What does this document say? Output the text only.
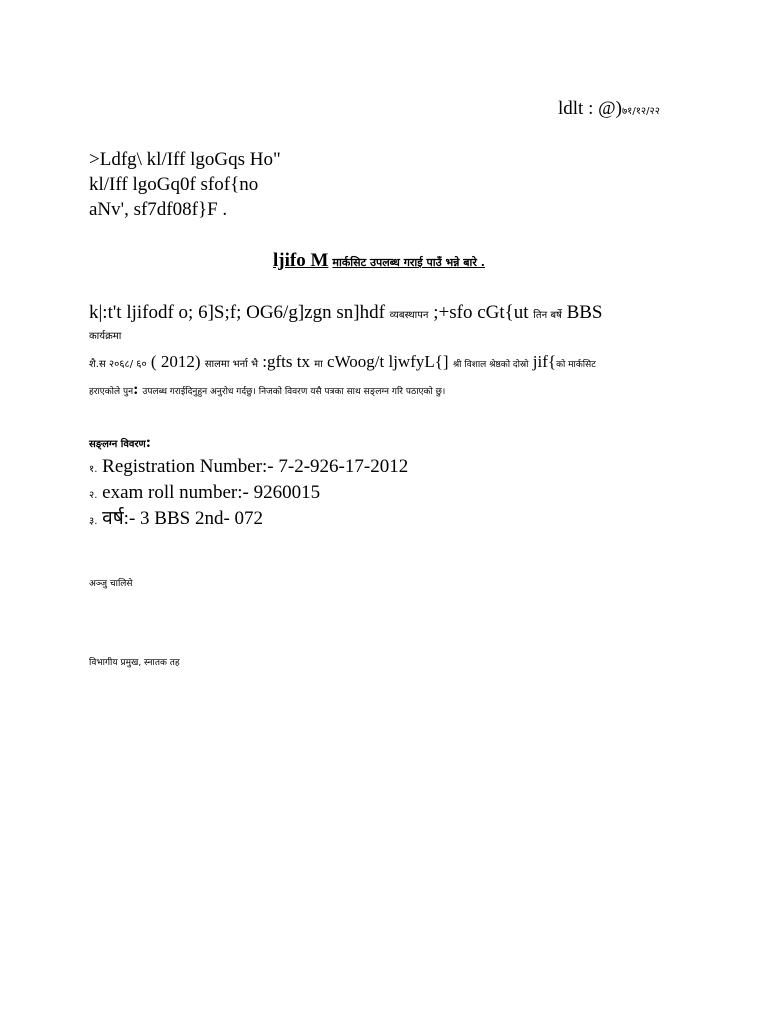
ldlt : @)७१/१२/२२
>Ldfg\ kl/Iff lgoGqs Ho"
kl/Iff lgoGq0f sfof{no
aNv', sf7df08f}F .
ljifo M मार्कसिट उपलब्ध गराई पाउँ भन्ने बारे .
k|:t't ljifodf o; 6]S;f; OG6/g]zgn sn]hdf व्यबस्थापन ;+sfo cGt{ut तिन बर्षे BBS
कार्यक्रमा
शै.स २०६८/ ६० ( 2012) सालमा भर्ना भै :gfts tx मा cWoog/t ljwfyL{] श्री विशाल श्रेष्ठको दोस्रो jif{को मार्कसिट
हराएकोले पुन: उपलब्ध गराईदिनुहुन अनुरोध गर्दछु। निजको विवरण यसै पत्रका साथ सङ्लग्न गरि पठाएको छु।
सङ्लग्न विवरण:
१. Registration Number:- 7-2-926-17-2012
२. exam roll number:- 9260015
३. वर्ष:- 3 BBS 2nd- 072
अञ्जु चालिसे
विभागीय प्रमुख, स्नातक तह
